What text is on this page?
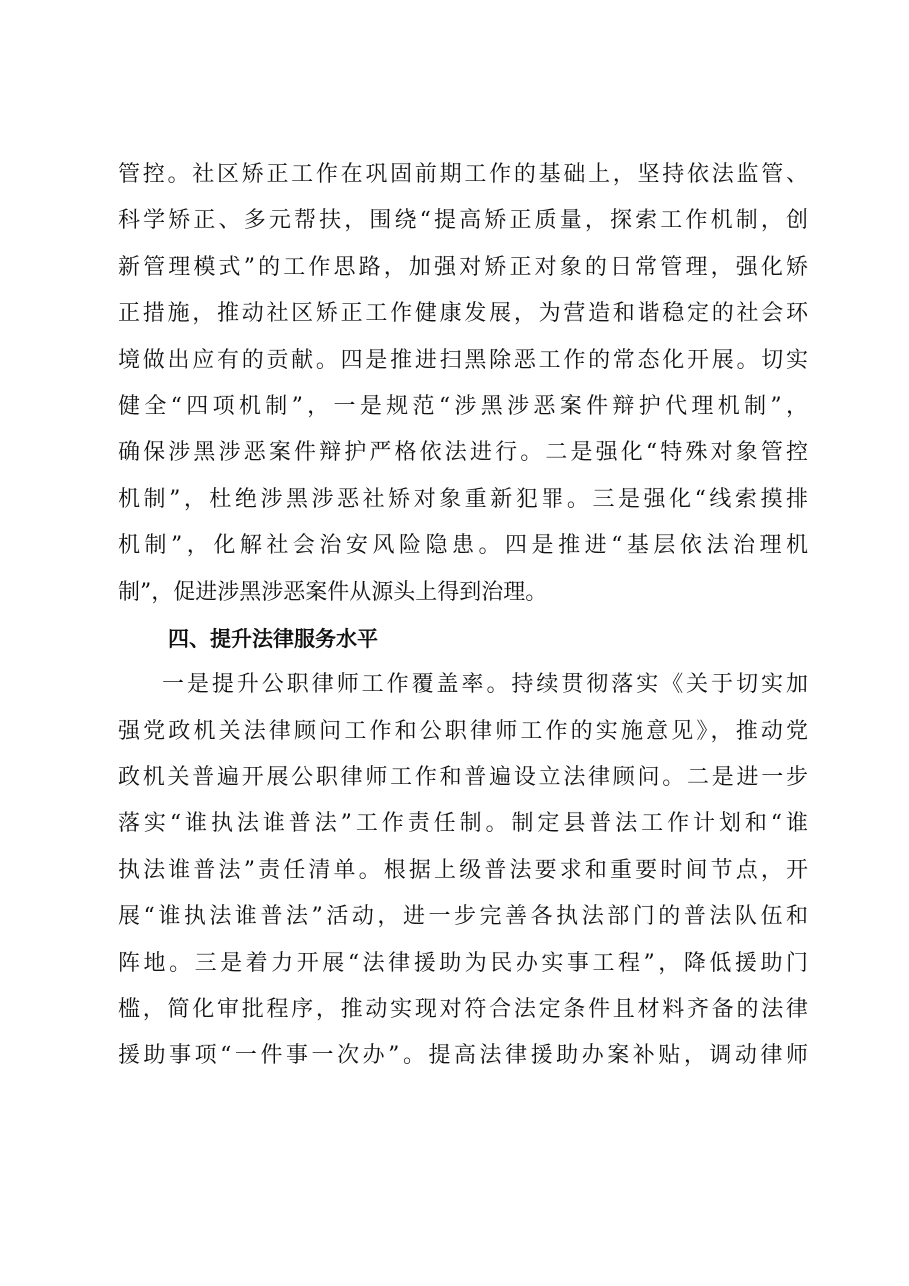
管控。社区矫正工作在巩固前期工作的基础上，坚持依法监管、
科学矫正、多元帮扶，围绕“提高矫正质量，探索工作机制，创
新管理模式”的工作思路，加强对矫正对象的日常管理，强化矫
正措施，推动社区矫正工作健康发展，为营造和谐稳定的社会环
境做出应有的贡献。四是推进扫黑除恶工作的常态化开展。切实
健全“四项机制”，一是规范“涉黑涉恶案件辩护代理机制”，
确保涉黑涉恶案件辩护严格依法进行。二是强化“特殊对象管控
机制”，杜绝涉黑涉恶社矫对象重新犯罪。三是强化“线索摸排
机制”，化解社会治安风险隐患。四是推进“基层依法治理机
制”，促进涉黑涉恶案件从源头上得到治理。
四、提升法律服务水平
一是提升公职律师工作覆盖率。持续贯彻落实《关于切实加
强党政机关法律顾问工作和公职律师工作的实施意见》，推动党
政机关普遍开展公职律师工作和普遍设立法律顾问。二是进一步
落实“谁执法谁普法”工作责任制。制定县普法工作计划和“谁
执法谁普法”责任清单。根据上级普法要求和重要时间节点，开
展“谁执法谁普法”活动，进一步完善各执法部门的普法队伍和
阵地。三是着力开展“法律援助为民办实事工程”，降低援助门
槛，简化审批程序，推动实现对符合法定条件且材料齐备的法律
援助事项“一件事一次办”。提高法律援助办案补贴，调动律师
